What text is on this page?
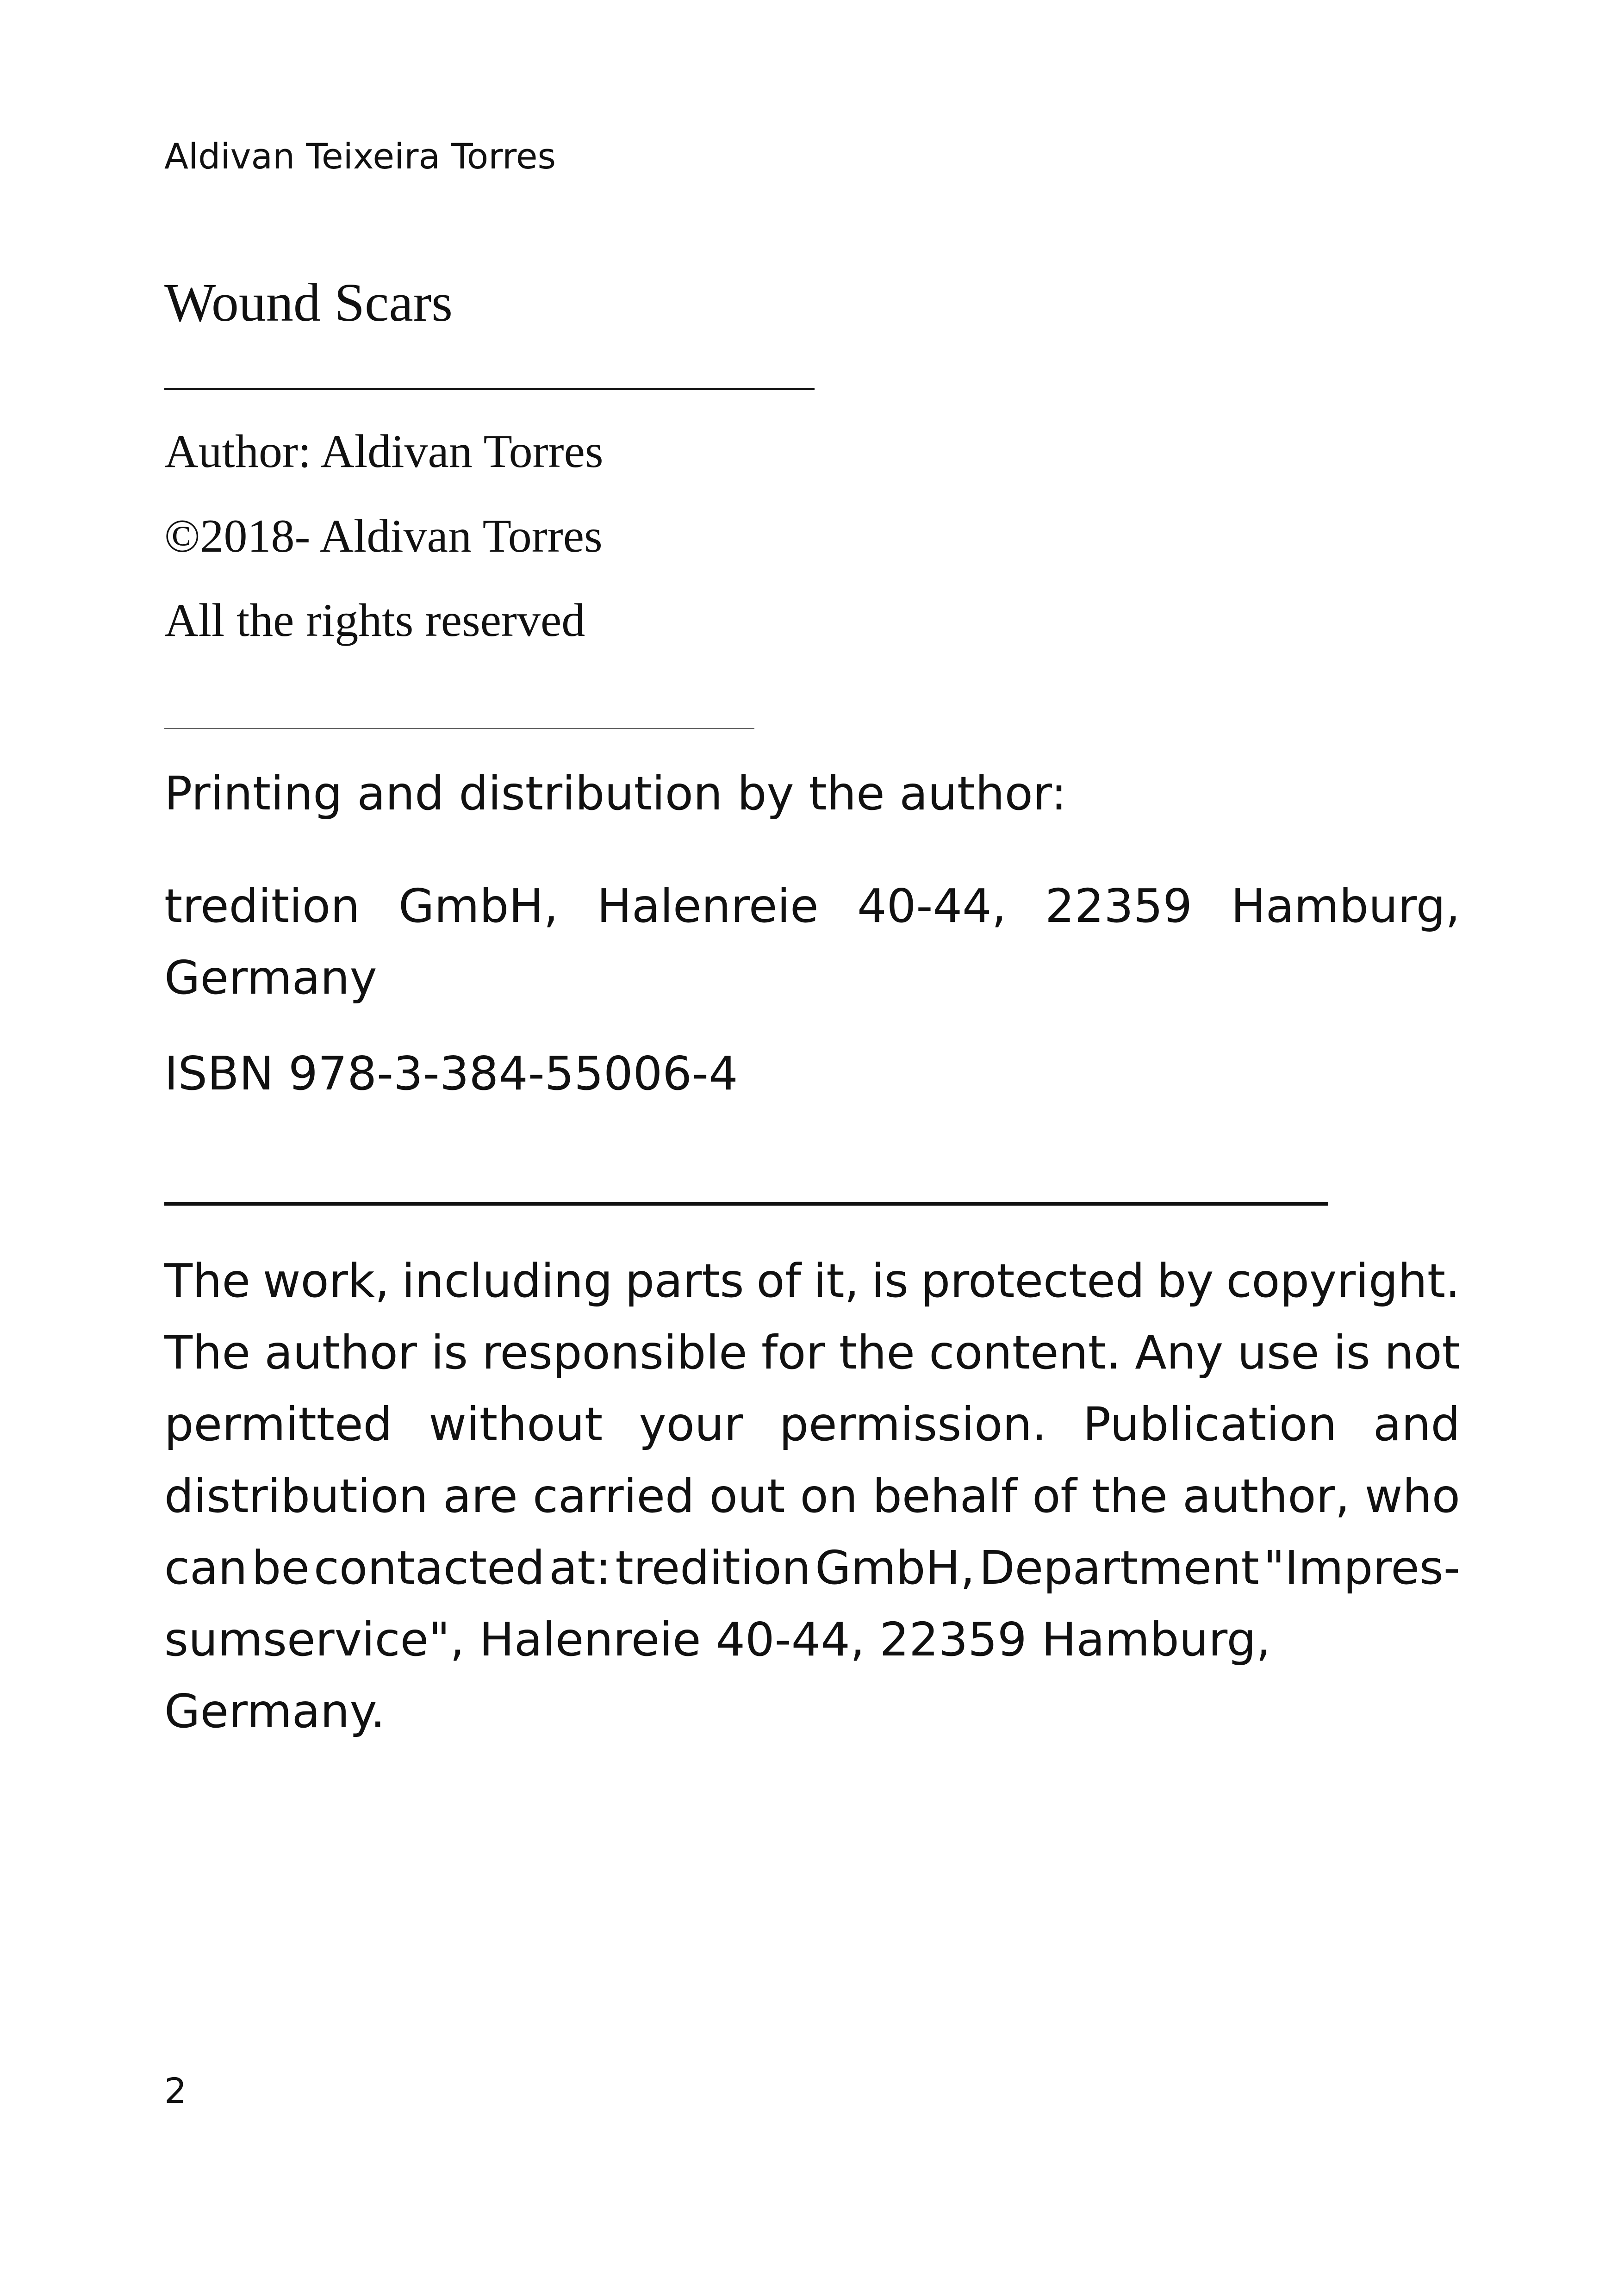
Aldivan Teixeira Torres
Wound Scars
Author: Aldivan Torres
©2018- Aldivan Torres
All the rights reserved
Printing and distribution by the author:
tredition GmbH, Halenreie 40-44, 22359 Hamburg,
Germany
ISBN 978-3-384-55006-4
The work, including parts of it, is protected by copyright.
The author is responsible for the content. Any use is not
permitted without your permission. Publication and
distribution are carried out on behalf of the author, who
can be contacted at: tredition GmbH, Department "Impres-
sumservice", Halenreie 40-44, 22359 Hamburg, Germany.
2
